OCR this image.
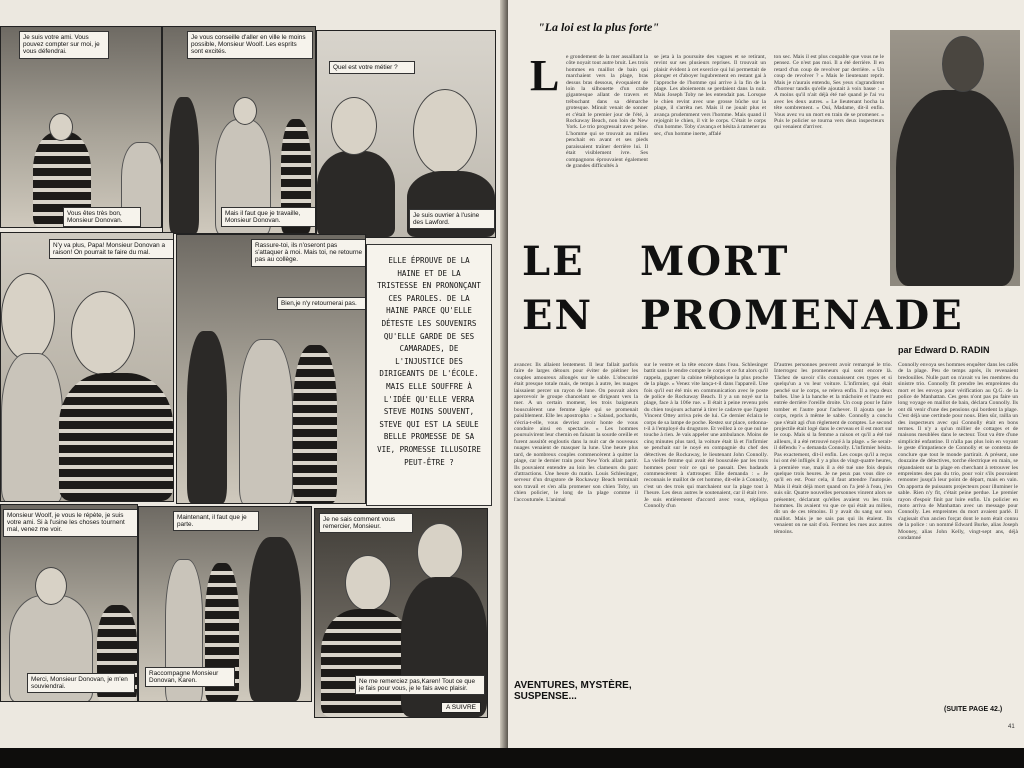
Je suis votre ami. Vous pouvez compter sur moi, je vous défendrai.
Vous êtes très bon, Monsieur Donovan.
Je vous conseille d'aller en ville le moins possible, Monsieur Woolf. Les esprits sont excités.
Mais il faut que je travaille, Monsieur Donovan.
Quel est votre métier ?
Je suis ouvrier à l'usine des Lawford.
N'y va plus, Papa! Monsieur Donovan a raison! On pourrait te faire du mal.
Rassure-toi, ils n'oseront pas s'attaquer à moi. Mais toi, ne retourne pas au collège.
Bien,je n'y retournerai pas.
ELLE ÉPROUVE DE LA HAINE ET DE LA TRISTESSE EN PRONONÇANT CES PAROLES. DE LA HAINE PARCE QU'ELLE DÉTESTE LES SOUVENIRS QU'ELLE GARDE DE SES CAMARADES, DE L'INJUSTICE DES DIRIGEANTS DE L'ÉCOLE. MAIS ELLE SOUFFRE À L'IDÉE QU'ELLE VERRA STEVE MOINS SOUVENT, STEVE QUI EST LA SEULE BELLE PROMESSE DE SA VIE, PROMESSE ILLUSOIRE PEUT-ÊTRE ?
Monsieur Woolf, je vous le répète, je suis votre ami. Si à l'usine les choses tournent mal, venez me voir.
Merci, Monsieur Donovan, je m'en souviendrai.
Maintenant, il faut que je parte.
Raccompagne Monsieur Donovan, Karen.
Je ne sais comment vous remercier, Monsieur.
Ne me remerciez pas,Karen! Tout ce que je fais pour vous, je le fais avec plaisir.
A SUIVRE
"La loi est la plus forte"
L	e grondement de la mer assaillant la côte noyait tout autre bruit. Les trois hommes en maillot de bain qui marchaient vers la plage, bras dessus bras dessous, évoquaient de loin la silhouette d'un crabe gigantesque allant de travers et trébuchant dans sa démarche grotesque. Minuit venait de sonner et c'était le premier jour de l'été, à Rockaway Beach, non loin de New York. Le trio progressait avec peine. L'homme qui se trouvait au milieu penchait en avant et ses pieds paraissaient traîner derrière lui. Il était visiblement ivre. Ses compagnons éprouvaient également de grandes difficultés à
se jeta à la poursuite des vagues et se retirant, revint sur ses plusieurs reprises. Il trouvait un plaisir évident à cet exercice qui lui permettait de plonger et d'aboyer lugubrement en restant gai à l'approche de l'homme qui arrive à la fin de la plage. Les aboiements se perdaient dans la nuit. Mais Joseph Toby ne les entendait pas. Lorsque le chien revint avec une grosse bûche sur la plage, il s'arrêta net. Mais il ne jouait plus et avança prudemment vers l'homme. Mais quand il rejoignit le chien, il vit le corps. C'était le corps d'un homme. Toby s'avança et hésita à ramener au sec, d'un homme inerte, affalé
ton sec. Mais il est plus coupable que vous ne le pensez. Ce n'est pas moi. Il a été derrière. Il en retard d'un coup de revolver par derrière. « Un coup de revolver ? » Mais le lieutenant reprit. Mais je n'aurais entendu, Ses yeux s'agrandirent d'horreur tandis qu'elle ajoutait à voix basse : « A moins qu'il n'ait déjà été tué quand je l'ai vu avec les deux autres. » Le lieutenant hocha la tête sombrement. « Oui, Madame, dit-il enfin. Vous avez vu un mort en train de se promener. » Puis le policier se tourna vers deux inspecteurs qui venaient d'arriver.
LE MORT
EN PROMENADE
par Edward D. RADIN
avancer. Ils allaient lentement. Il leur fallait parfois faire de larges détours pour éviter de piétiner les couples amoureux allongés sur le sable. L'obscurité était presque totale mais, de temps à autre, les nuages laissaient percer un rayon de lune. On pouvait alors apercevoir le groupe chancelant se dirigeant vers la mer. A un certain moment, les trois baigneurs bousculèrent une femme âgée qui se promenait paisiblement. Elle les apostropha : « Salaud, pochards, s'écria-t-elle, vous devriez avoir honte de vous conduire ainsi en spectacle. » Les hommes poursuivirent leur chemin en faisant la sourde oreille et furent aussitôt engloutis dans la nuit car de nouveaux nuages venaient de masquer la lune. Une heure plus tard, de nombreux couples commencèrent à quitter la plage, car le dernier train pour New York allait partir. Ils pouvaient entendre au loin les clameurs du parc d'attractions. Une heure du matin. Louis Schlesinger, serveur d'un drugstore de Rockaway Beach terminait son travail et s'en alla promener son chien Toby, un chien policier, le long de la plage comme il l'accoutumée. L'animal
sur le ventre et la tête encore dans l'eau. Schlesinger battit sans le rendre compte le corps et ce fut alors qu'il rappela, gagner la cabine téléphonique la plus proche de la plage. « Venez vite lança-t-il dans l'appareil. Une fois qu'il eut été mis en communication avec le poste de police de Rockaway Beach. Il y a un noyé sur la plage, face à la 106e rue. » Il était à peine revenu près du chien toujours acharné à tirer le cadavre que l'agent Vincent Ottey arriva près de lui. Ce dernier éclaira le corps de sa lampe de poche. Restez sur place, ordonna-t-il à l'employé du drugstore. Et veillez à ce que nul ne touche à rien. Je vais appeler une ambulance. Moins de cinq minutes plus tard, la voiture était là et l'infirmier se penchait sur le noyé en compagnie du chef des détectives de Rockaway, le lieutenant John Connolly. La vieille femme qui avait été bousculée par les trois hommes pour voir ce qui se passait. Des badauds commencèrent à s'attrouper. Elle demanda : « Je reconnais le maillot de cet homme, dit-elle à Connolly, c'est un des trois qui marchaient sur la plage tout à l'heure. Les deux autres le soutenaient, car il était ivre. Je suis entièrement d'accord avec vous, répliqua Connolly d'un
D'autres personnes peuvent avoir remarqué le trio. Interrogez les promeneurs qui sont encore là. Tâchez de savoir s'ils connaissent ces types et si quelqu'un a vu leur voiture. L'infirmier, qui était penché sur le corps, se releva enfin. Il a reçu deux balles. Une à la hanche et la mâchoire et l'autre est entrée derrière l'oreille droite. Un coup pour le faire tomber et l'autre pour l'achever. Il ajouta que le corps, repris à même le sable. Connolly a conclu que s'était agi d'un règlement de comptes. Le second projectile était logé dans le cerveau et il est mort sur le coup. Mais si la femme a raison et qu'il a été tué ailleurs, il a été retrouvé noyé à la plage. « Se serait-il défendu ? » demanda Connolly. L'infirmier hésita. Pas exactement, dit-il enfin. Les coups qu'il a reçus lui ont été infligés il y a plus de vingt-quatre heures, à première vue, mais il a été tué une fois depuis quelque trois heures. Je ne peux pas vous dire ce qu'il en est. Pour cela, il faut attendre l'autopsie. Mais il était déjà mort quand on l'a jeté à l'eau, j'en suis sûr. Quatre nouvelles personnes vinrent alors se présenter, déclarant qu'elles avaient vu les trois hommes. Ils avaient vu que ce qui était au milieu, dit un de ces témoins. Il y avait du sang sur son maillot. Mais je ne sais pas qui ils étaient. Ils venaient on ne sait d'où. Fermez les rues aux autres témoins.
Connolly envoya ses hommes enquêter dans les cafés de la plage. Peu de temps après, ils revenaient bredouilles. Nulle part on n'avait vu les membres du sinistre trio. Connolly fit prendre les empreintes du mort et les envoya pour vérification au Q.G. de la police de Manhattan. Ces gens n'ont pas pu faire un long voyage en maillot de bain, déclara Connolly. Ils ont dû venir d'une des pensions qui bordent la plage. C'est déjà une certitude pour nous. Bien sûr, railla un des inspecteurs avec qui Connolly était en bons termes. Il n'y a qu'un millier de cottages et de maisons meublées dans le secteur. Tout va être d'une simplicité enfantine. Il n'alla pas plus loin en voyant le geste d'impatience de Connolly et se contenta de conclure que tout le monde partirait. A présent, une douzaine de détectives, torche électrique en main, se répandaient sur la plage en cherchant à retrouver les empreintes des pas du trio, pour voir s'ils pouvaient remonter jusqu'à leur point de départ, mais en vain. On apporta de puissants projecteurs pour illuminer le sable. Rien n'y fit, c'était peine perdue. Le premier rayon d'espoir finit par luire enfin. Un policier en moto arriva de Manhattan avec un message pour Connolly. Les empreintes du mort avaient parlé. Il s'agissait d'un ancien forçat dont le nom était connu de la police : un nommé Edward Burke, alias Joseph Mooney, alias John Kelly, vingt-sept ans, déjà condamné
AVENTURES, MYSTÈRE, SUSPENSE...
(SUITE PAGE 42.)
41
